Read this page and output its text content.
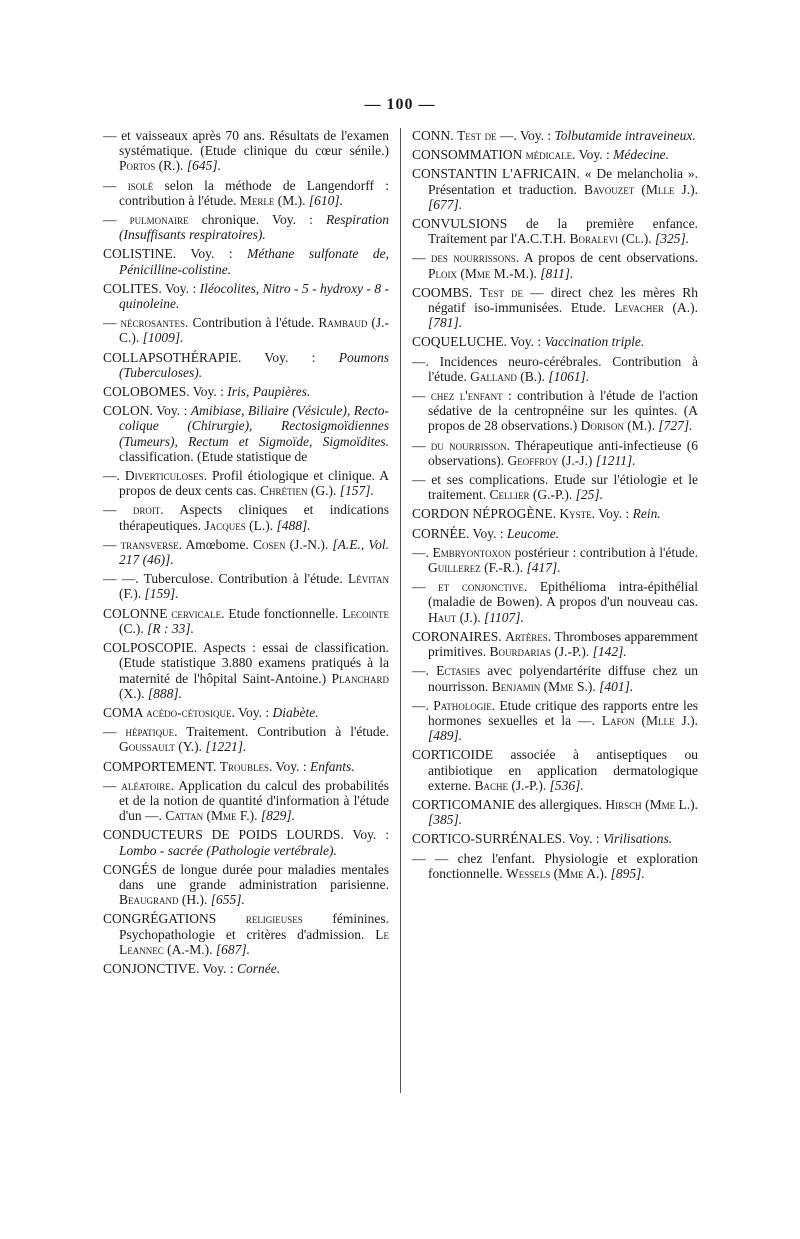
— 100 —

— et vaisseaux après 70 ans. Résultats de l'examen systématique. (Etude clinique du cœur sénile.) Portos (R.). [645].

— isolé selon la méthode de Langendorff : contribution à l'étude. Merle (M.). [610].

— pulmonaire chronique. Voy. : Respiration (Insuffisants respiratoires).

COLISTINE. Voy. : Méthane sulfonate de, Pénicilline-colistine.

COLITES. Voy. : Iléocolites, Nitro - 5 - hydroxy - 8 - quinoleine.

— nécrosantes. Contribution à l'étude. Rambaud (J.-C.). [1009].

COLLAPSOTHÉRAPIE. Voy. : Poumons (Tuberculoses).

COLOBOMES. Voy. : Iris, Paupières.

COLON. Voy. : Amibiase, Biliaire (Vésicule), Recto-colique (Chirurgie), Rectosigmoïdiennes (Tumeurs), Rectum et Sigmoïde, Sigmoïdites. classification. (Etude statistique de

—. Diverticuloses. Profil étiologique et clinique. A propos de deux cents cas. Chrétien (G.). [157].

— droit. Aspects cliniques et indications thérapeutiques. Jacques (L.). [488].

— transverse. Amœbome. Cosen (J.-N.). [A.E., Vol. 217 (46)].

— —. Tuberculose. Contribution à l'étude. Lévitan (F.). [159].

COLONNE cervicale. Etude fonctionnelle. Lecointe (C.). [R : 33].

COLPOSCOPIE. Aspects : essai de classification. (Etude statistique 3.880 examens pratiqués à la maternité de l'hôpital Saint-Antoine.) Planchard (X.). [888].

COMA acédo-cétosique. Voy. : Diabète.

— hépatique. Traitement. Contribution à l'étude. Goussault (Y.). [1221].

COMPORTEMENT. Troubles. Voy. : Enfants.

— aléatoire. Application du calcul des probabilités et de la notion de quantité d'information à l'étude d'un —. Cattan (Mme F.). [829].

CONDUCTEURS DE POIDS LOURDS. Voy. : Lombo - sacrée (Pathologie vertébrale).

CONGÉS de longue durée pour maladies mentales dans une grande administration parisienne. Beaugrand (H.). [655].

CONGRÉGATIONS religieuses féminines. Psychopathologie et critères d'admission. Le Leannec (A.-M.). [687].

CONJONCTIVE. Voy. : Cornée.

CONN. Test de —. Voy. : Tolbutamide intraveineux.

CONSOMMATION médicale. Voy. : Médecine.

CONSTANTIN L'AFRICAIN. « De melancholia ». Présentation et traduction. Bavouzet (Mlle J.). [677].

CONVULSIONS de la première enfance. Traitement par l'A.C.T.H. Boralevi (Cl.). [325].

— des nourrissons. A propos de cent observations. Ploix (Mme M.-M.). [811].

COOMBS. Test de — direct chez les mères Rh négatif iso-immunisées. Etude. Levacher (A.). [781].

COQUELUCHE. Voy. : Vaccination triple.

—. Incidences neuro-cérébrales. Contribution à l'étude. Galland (B.). [1061].

— chez l'enfant : contribution à l'étude de l'action sédative de la centropnéine sur les quintes. (A propos de 28 observations.) Dorison (M.). [727].

— du nourrisson. Thérapeutique anti-infectieuse (6 observations). Geoffroy (J.-J.) [1211].

— et ses complications. Etude sur l'étiologie et le traitement. Cellier (G.-P.). [25].

CORDON NÉPROGÈNE. Kyste. Voy. : Rein.

CORNÉE. Voy. : Leucome.

—. Embryontoxon postérieur : contribution à l'étude. Guillerez (F.-R.). [417].

— et conjonctive. Epithélioma intra-épithélial (maladie de Bowen). A propos d'un nouveau cas. Haut (J.). [1107].

CORONAIRES. Artères. Thromboses apparemment primitives. Bourdarias (J.-P.). [142].

—. Ectasies avec polyendartérite diffuse chez un nourrisson. Benjamin (Mme S.). [401].

—. Pathologie. Etude critique des rapports entre les hormones sexuelles et la —. Lafon (Mlle J.). [489].

CORTICOIDE associée à antiseptiques ou antibiotique en application dermatologique externe. Bache (J.-P.). [536].

CORTICOMANIE des allergiques. Hirsch (Mme L.). [385].

CORTICO-SURRÉNALES. Voy. : Virilisations.

— — chez l'enfant. Physiologie et exploration fonctionnelle. Wessels (Mme A.). [895].
